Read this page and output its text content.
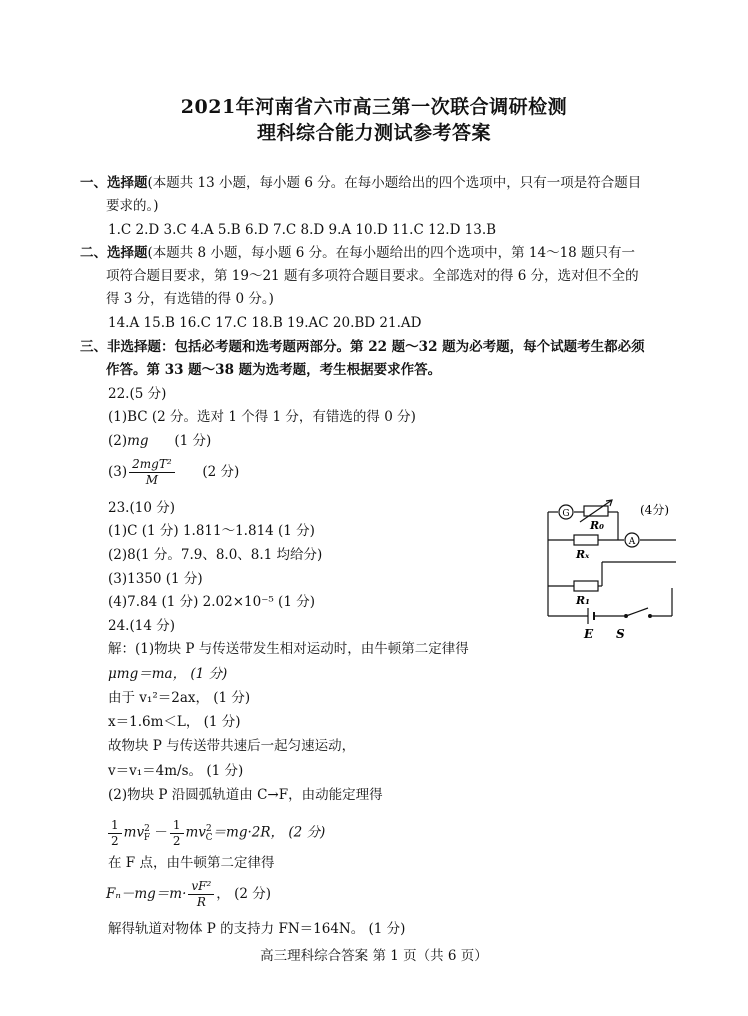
2021年河南省六市高三第一次联合调研检测
理科综合能力测试参考答案
一、选择题(本题共 13 小题，每小题 6 分。在每小题给出的四个选项中，只有一项是符合题目
要求的。)
1.C 2.D 3.C 4.A 5.B 6.D 7.C 8.D 9.A 10.D 11.C 12.D 13.B
二、选择题(本题共 8 小题，每小题 6 分。在每小题给出的四个选项中，第 14～18 题只有一
项符合题目要求，第 19～21 题有多项符合题目要求。全部选对的得 6 分，选对但不全的
得 3 分，有选错的得 0 分。)
14.A 15.B 16.C 17.C 18.B 19.AC 20.BD 21.AD
三、非选择题：包括必考题和选考题两部分。第 22 题～32 题为必考题，每个试题考生都必须
作答。第 33 题～38 题为选考题，考生根据要求作答。
22.(5 分)
(1)BC (2 分。选对 1 个得 1 分，有错选的得 0 分)
(2)mg (1 分)
$(3) \frac{\text{2mgT²}}{M} (2$ 分)
23.(10 分)
(1)C (1 分) 1.811～1.814 (1 分)
(2)8(1 分。7.9、8.0、8.1 均给分)
(3)1350 (1 分)
(4)7.84 (1 分) 2.02×10⁻⁵ (1 分)
G
A
R₀
Rₓ
R₁
E S
(4分)
24.(14 分)
解：(1)物块 P 与传送带发生相对运动时，由牛顿第二定律得
μmg＝ma， (1 分)
由于 v₁²＝2ax， (1 分)
x＝1.6m＜L， (1 分)
故物块 P 与传送带共速后一起匀速运动，
v＝v₁＝4m/s。 (1 分)
(2)物块 P 沿圆弧轨道由 C→F，由动能定理得
$\frac{1}{2} mv^2_F - \frac{1}{2} mv^2_C=mg\cdot 2R$， (2 分)
在 F 点，由牛顿第二定律得
$F_n-mg=m\cdot \frac{\text{vF²}}{R}$ ， (2 分)
解得轨道对物体 P 的支持力 FN＝164N。 (1 分)
高三理科综合答案 第 1 页（共 6 页）
